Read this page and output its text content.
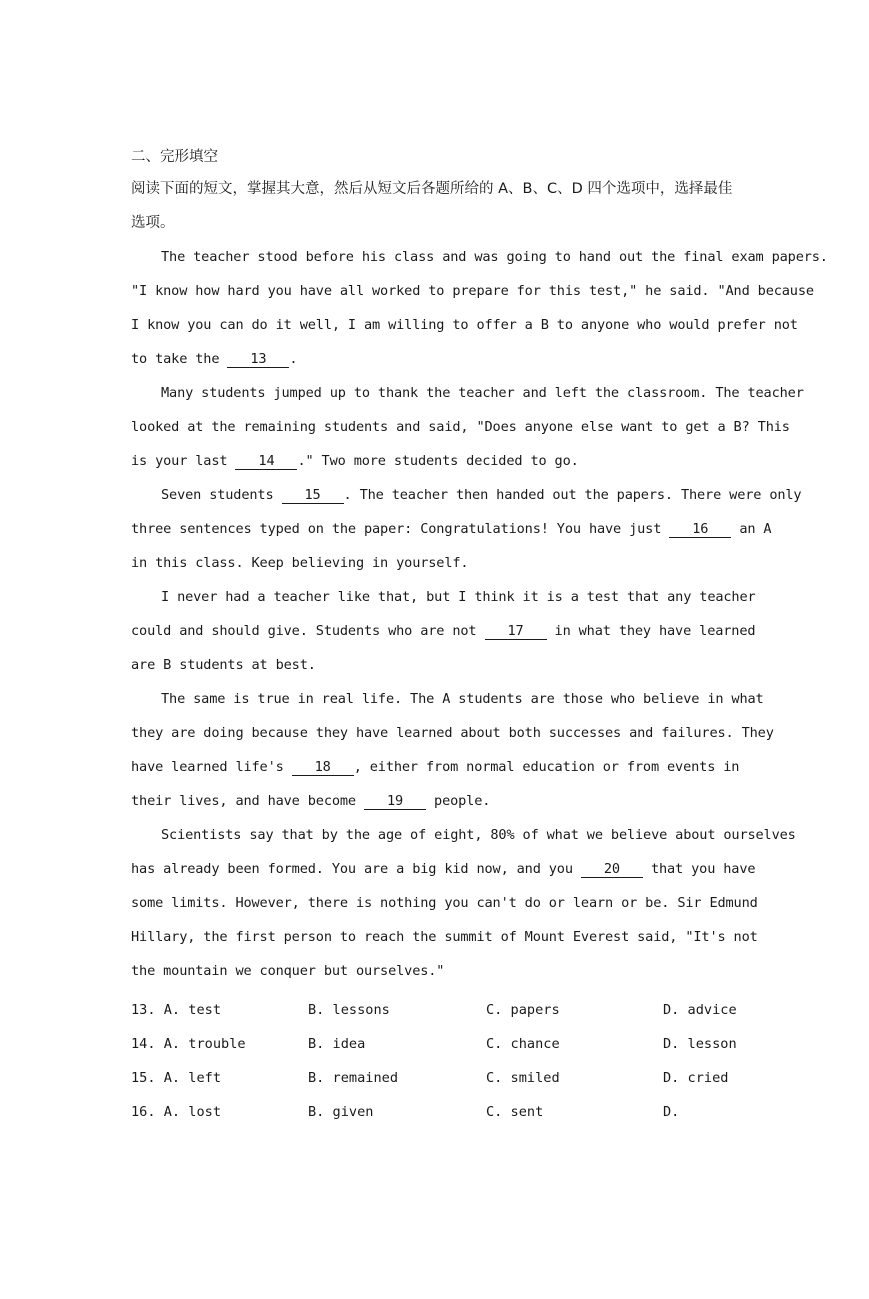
二、完形填空
阅读下面的短文，掌握其大意，然后从短文后各题所给的 A、B、C、D 四个选项中，选择最佳选项。
The teacher stood before his class and was going to hand out the final exam papers.
"I know how hard you have all worked to prepare for this test," he said. "And because
I know you can do it well, I am willing to offer a B to anyone who would prefer not
to take the 13 .
Many students jumped up to thank the teacher and left the classroom. The teacher
looked at the remaining students and said, "Does anyone else want to get a B? This
is your last 14 ." Two more students decided to go.
Seven students 15 . The teacher then handed out the papers. There were only
three sentences typed on the paper: Congratulations! You have just 16 an A
in this class. Keep believing in yourself.
I never had a teacher like that, but I think it is a test that any teacher
could and should give. Students who are not 17 in what they have learned
are B students at best.
The same is true in real life. The A students are those who believe in what
they are doing because they have learned about both successes and failures. They
have learned life's 18 , either from normal education or from events in
their lives, and have become 19 people.
Scientists say that by the age of eight, 80% of what we believe about ourselves
has already been formed. You are a big kid now, and you 20 that you have
some limits. However, there is nothing you can't do or learn or be. Sir Edmund
Hillary, the first person to reach the summit of Mount Everest said, "It's not
the mountain we conquer but ourselves."

13. A. test

	B. lessons

	C. papers

	D. advice

14. A. trouble

	B. idea

	C. chance

	D. lesson

15. A. left

	B. remained

	C. smiled

	D. cried

16. A. lost

	B. given

	C. sent

	D.
